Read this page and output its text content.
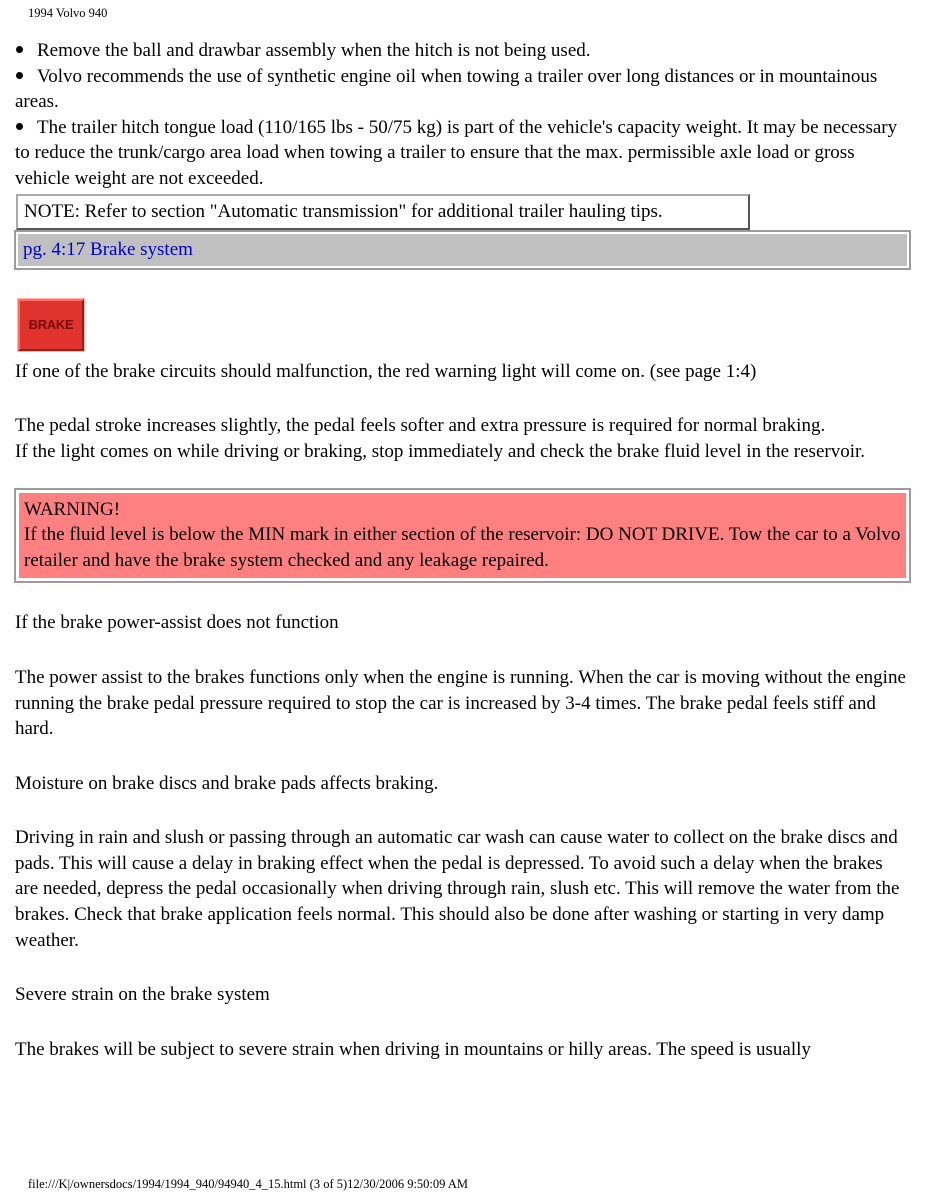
1994 Volvo 940

Remove the ball and drawbar assembly when the hitch is not being used.

Volvo recommends the use of synthetic engine oil when towing a trailer over long distances or in mountainous areas.

The trailer hitch tongue load (110/165 lbs - 50/75 kg) is part of the vehicle's capacity weight. It may be necessary to reduce the trunk/cargo area load when towing a trailer to ensure that the max. permissible axle load or gross vehicle weight are not exceeded.

NOTE: Refer to section "Automatic transmission" for additional trailer hauling tips.
pg. 4:17 Brake system
BRAKE

If one of the brake circuits should malfunction, the red warning light will come on. (see page 1:4)

The pedal stroke increases slightly, the pedal feels softer and extra pressure is required for normal braking.

If the light comes on while driving or braking, stop immediately and check the brake fluid level in the reservoir.

WARNING!

If the fluid level is below the MIN mark in either section of the reservoir: DO NOT DRIVE. Tow the car to a Volvo retailer and have the brake system checked and any leakage repaired.

If the brake power-assist does not function

The power assist to the brakes functions only when the engine is running. When the car is moving without the engine running the brake pedal pressure required to stop the car is increased by 3-4 times. The brake pedal feels stiff and hard.

Moisture on brake discs and brake pads affects braking.

Driving in rain and slush or passing through an automatic car wash can cause water to collect on the brake discs and pads. This will cause a delay in braking effect when the pedal is depressed. To avoid such a delay when the brakes are needed, depress the pedal occasionally when driving through rain, slush etc. This will remove the water from the brakes. Check that brake application feels normal. This should also be done after washing or starting in very damp weather.

Severe strain on the brake system

The brakes will be subject to severe strain when driving in mountains or hilly areas. The speed is usually

file:///K|/ownersdocs/1994/1994_940/94940_4_15.html (3 of 5)12/30/2006 9:50:09 AM
